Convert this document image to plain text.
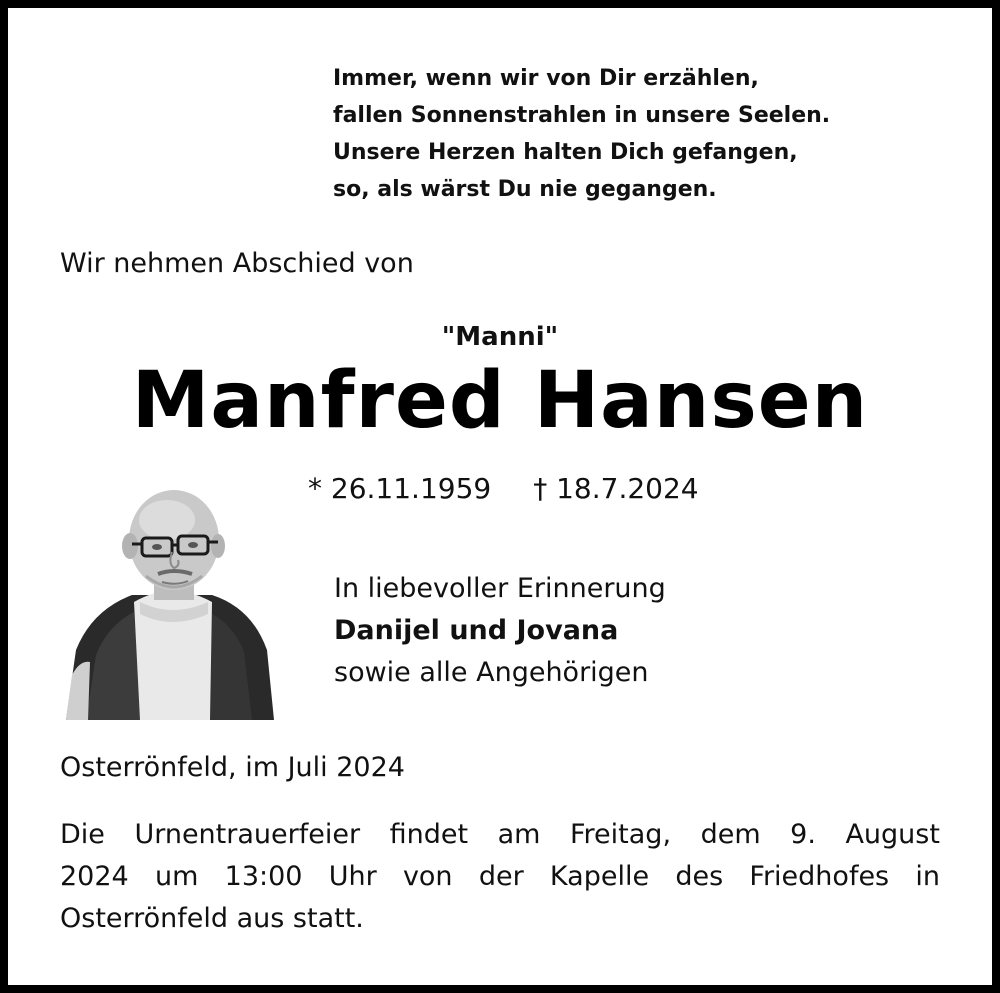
Immer, wenn wir von Dir erzählen,
fallen Sonnenstrahlen in unsere Seelen.
Unsere Herzen halten Dich gefangen,
so, als wärst Du nie gegangen.
Wir nehmen Abschied von
"Manni"
Manfred Hansen
* 26.11.1959 † 18.7.2024
In liebevoller Erinnerung
Danijel und Jovana
sowie alle Angehörigen
Osterrönfeld, im Juli 2024
Die Urnentrauerfeier findet am Freitag, dem 9. August
2024 um 13:00 Uhr von der Kapelle des Friedhofes in
Osterrönfeld aus statt.
